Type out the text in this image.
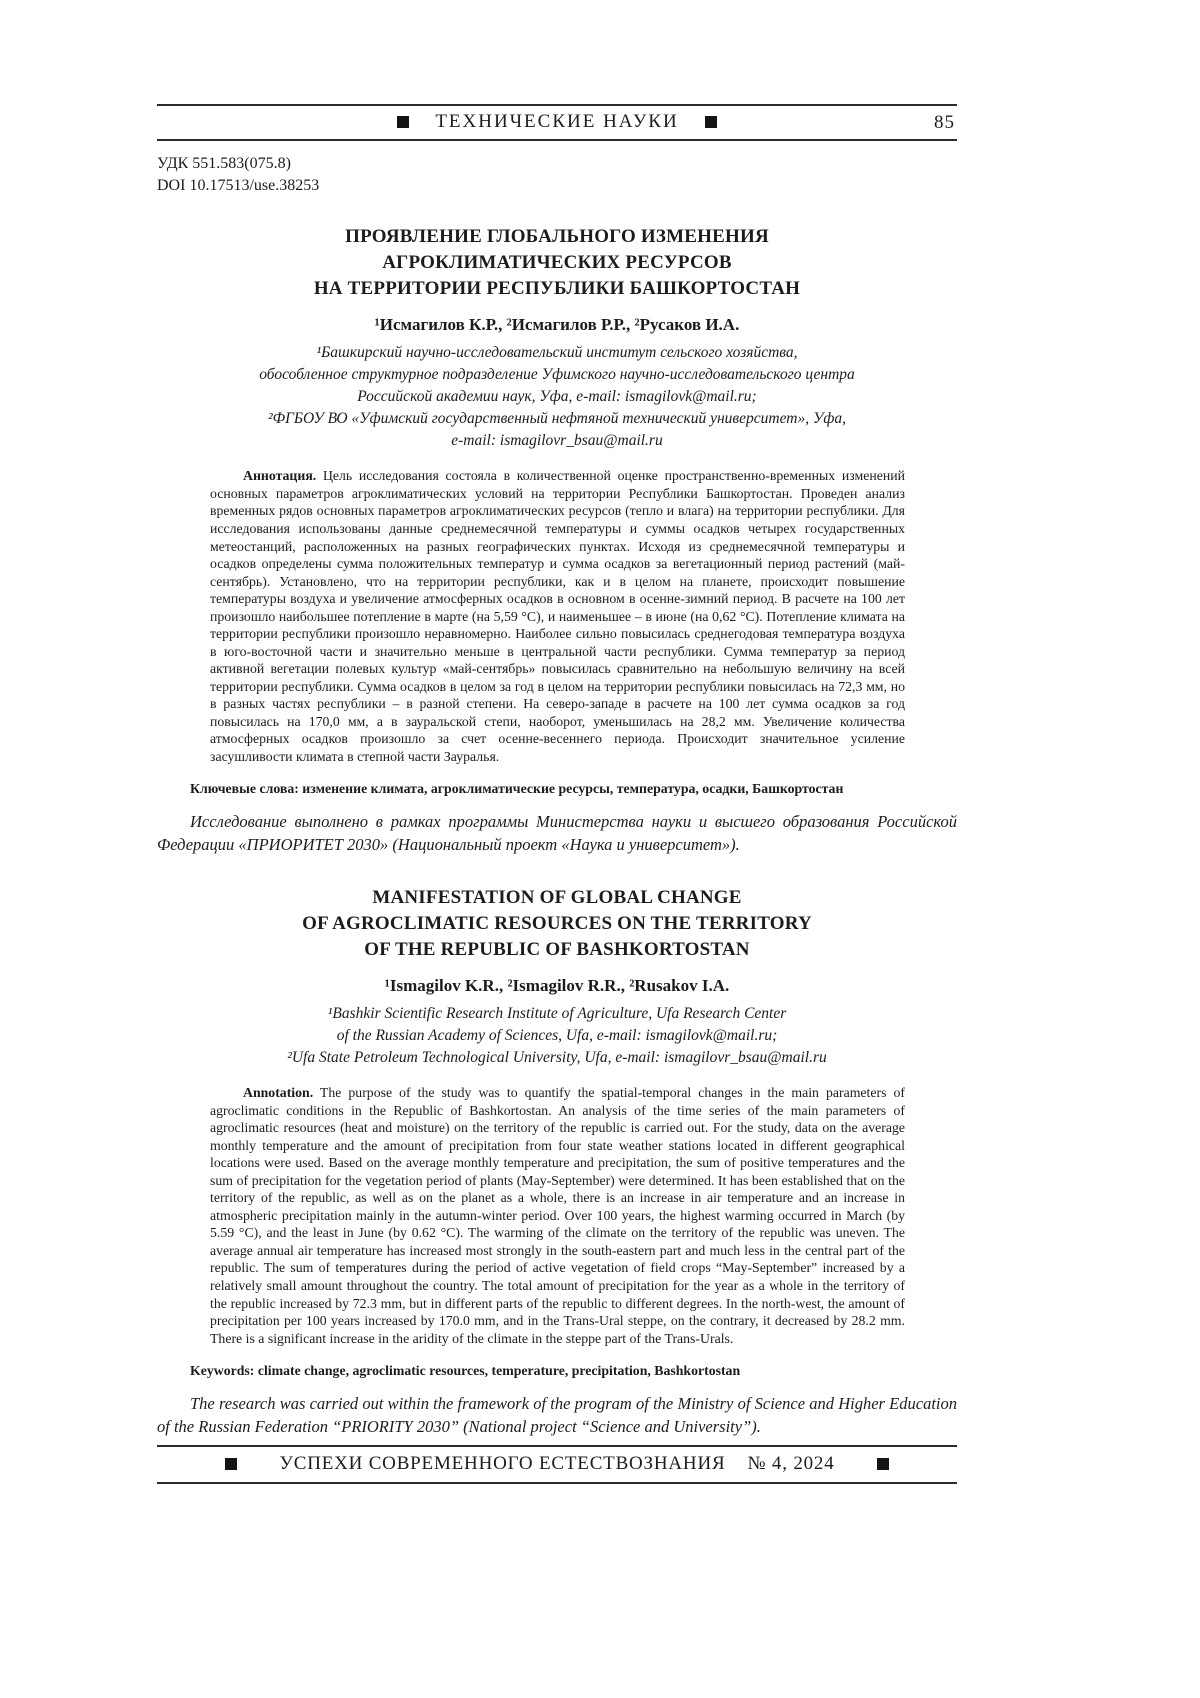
ТЕХНИЧЕСКИЕ НАУКИ	85
УДК 551.583(075.8)
DOI 10.17513/use.38253
ПРОЯВЛЕНИЕ ГЛОБАЛЬНОГО ИЗМЕНЕНИЯ
АГРОКЛИМАТИЧЕСКИХ РЕСУРСОВ
НА ТЕРРИТОРИИ РЕСПУБЛИКИ БАШКОРТОСТАН
¹Исмагилов К.Р., ²Исмагилов Р.Р., ²Русаков И.А.
¹Башкирский научно-исследовательский институт сельского хозяйства,
обособленное структурное подразделение Уфимского научно-исследовательского центра
Российской академии наук, Уфа, e-mail: ismagilovk@mail.ru;
²ФГБОУ ВО «Уфимский государственный нефтяной технический университет», Уфа,
e-mail: ismagilovr_bsau@mail.ru

Аннотация. Цель исследования состояла в количественной оценке пространственно-временных изменений основных параметров агроклиматических условий на территории Республики Башкортостан. Проведен анализ временных рядов основных параметров агроклиматических ресурсов (тепло и влага) на территории республики. Для исследования использованы данные среднемесячной температуры и суммы осадков четырех государственных метеостанций, расположенных на разных географических пунктах. Исходя из среднемесячной температуры и осадков определены сумма положительных температур и сумма осадков за вегетационный период растений (май-сентябрь). Установлено, что на территории республики, как и в целом на планете, происходит повышение температуры воздуха и увеличение атмосферных осадков в основном в осенне-зимний период. В расчете на 100 лет произошло наибольшее потепление в марте (на 5,59 °С), и наименьшее – в июне (на 0,62 °С). Потепление климата на территории республики произошло неравномерно. Наиболее сильно повысилась среднегодовая температура воздуха в юго-восточной части и значительно меньше в центральной части республики. Сумма температур за период активной вегетации полевых культур «май-сентябрь» повысилась сравнительно на небольшую величину на всей территории республики. Сумма осадков в целом за год в целом на территории республики повысилась на 72,3 мм, но в разных частях республики – в разной степени. На северо-западе в расчете на 100 лет сумма осадков за год повысилась на 170,0 мм, а в зауральской степи, наоборот, уменьшилась на 28,2 мм. Увеличение количества атмосферных осадков произошло за счет осенне-весеннего периода. Происходит значительное усиление засушливости климата в степной части Зауралья.

Ключевые слова: изменение климата, агроклиматические ресурсы, температура, осадки, Башкортостан

Исследование выполнено в рамках программы Министерства науки и высшего образования Российской Федерации «ПРИОРИТЕТ 2030» (Национальный проект «Наука и университет»).

MANIFESTATION OF GLOBAL CHANGE
OF AGROCLIMATIC RESOURCES ON THE TERRITORY
OF THE REPUBLIC OF BASHKORTOSTAN
¹Ismagilov K.R., ²Ismagilov R.R., ²Rusakov I.A.
¹Bashkir Scientific Research Institute of Agriculture, Ufa Research Center
of the Russian Academy of Sciences, Ufa, e-mail: ismagilovk@mail.ru;
²Ufa State Petroleum Technological University, Ufa, e-mail: ismagilovr_bsau@mail.ru

Annotation. The purpose of the study was to quantify the spatial-temporal changes in the main parameters of agroclimatic conditions in the Republic of Bashkortostan. An analysis of the time series of the main parameters of agroclimatic resources (heat and moisture) on the territory of the republic is carried out. For the study, data on the average monthly temperature and the amount of precipitation from four state weather stations located in different geographical locations were used. Based on the average monthly temperature and precipitation, the sum of positive temperatures and the sum of precipitation for the vegetation period of plants (May-September) were determined. It has been established that on the territory of the republic, as well as on the planet as a whole, there is an increase in air temperature and an increase in atmospheric precipitation mainly in the autumn-winter period. Over 100 years, the highest warming occurred in March (by 5.59 °C), and the least in June (by 0.62 °C). The warming of the climate on the territory of the republic was uneven. The average annual air temperature has increased most strongly in the south-eastern part and much less in the central part of the republic. The sum of temperatures during the period of active vegetation of field crops “May-September” increased by a relatively small amount throughout the country. The total amount of precipitation for the year as a whole in the territory of the republic increased by 72.3 mm, but in different parts of the republic to different degrees. In the north-west, the amount of precipitation per 100 years increased by 170.0 mm, and in the Trans-Ural steppe, on the contrary, it decreased by 28.2 mm. There is a significant increase in the aridity of the climate in the steppe part of the Trans-Urals.

Keywords: climate change, agroclimatic resources, temperature, precipitation, Bashkortostan

The research was carried out within the framework of the program of the Ministry of Science and Higher Education of the Russian Federation “PRIORITY 2030” (National project “Science and University”).

УСПЕХИ СОВРЕМЕННОГО ЕСТЕСТВОЗНАНИЯ № 4, 2024
